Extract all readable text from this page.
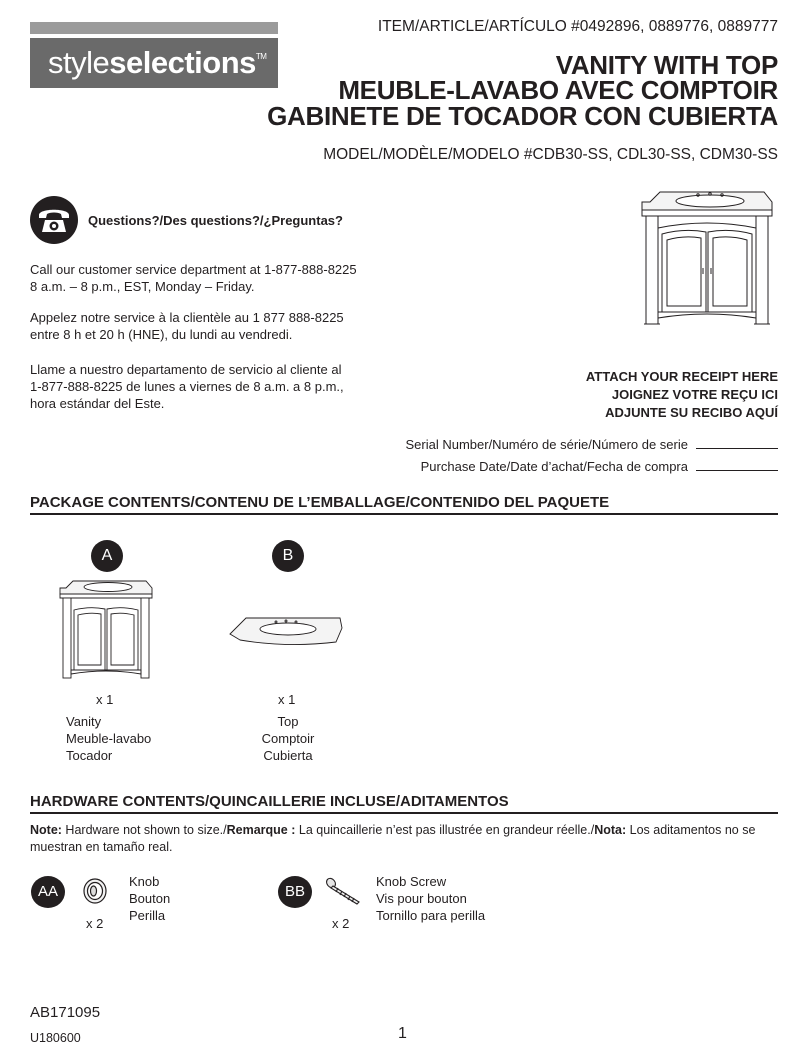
styleselections™
ITEM/ARTICLE/ARTÍCULO #0492896, 0889776, 0889777
VANITY WITH TOP
MEUBLE-LAVABO AVEC COMPTOIR
GABINETE DE TOCADOR CON CUBIERTA
MODEL/MODÈLE/MODELO #CDB30-SS, CDL30-SS, CDM30-SS
Questions?/Des questions?/¿Preguntas?
Call our customer service department at 1-877-888-8225
8 a.m. – 8 p.m., EST, Monday – Friday.
Appelez notre service à la clientèle au 1 877 888-8225
entre 8 h et 20 h (HNE), du lundi au vendredi.
Llame a nuestro departamento de servicio al cliente al
1-877-888-8225 de lunes a viernes de 8 a.m. a 8 p.m.,
hora estándar del Este.
ATTACH YOUR RECEIPT HERE
JOIGNEZ VOTRE REÇU ICI
ADJUNTE SU RECIBO AQUÍ
Serial Number/Numéro de série/Número de serie
Purchase Date/Date d’achat/Fecha de compra
PACKAGE CONTENTS/CONTENU DE L’EMBALLAGE/CONTENIDO DEL PAQUETE
A	B
x 1	x 1
Vanity
Meuble-lavabo
Tocador
Top
Comptoir
Cubierta
HARDWARE CONTENTS/QUINCAILLERIE INCLUSE/ADITAMENTOS
Note: Hardware not shown to size./Remarque : La quincaillerie n’est pas illustrée en grandeur réelle./Nota: Los aditamentos no se muestran en tamaño real.
AA
x 2
Knob
Bouton
Perilla
BB
x 2
Knob Screw
Vis pour bouton
Tornillo para perilla
AB171095
U180600	1
